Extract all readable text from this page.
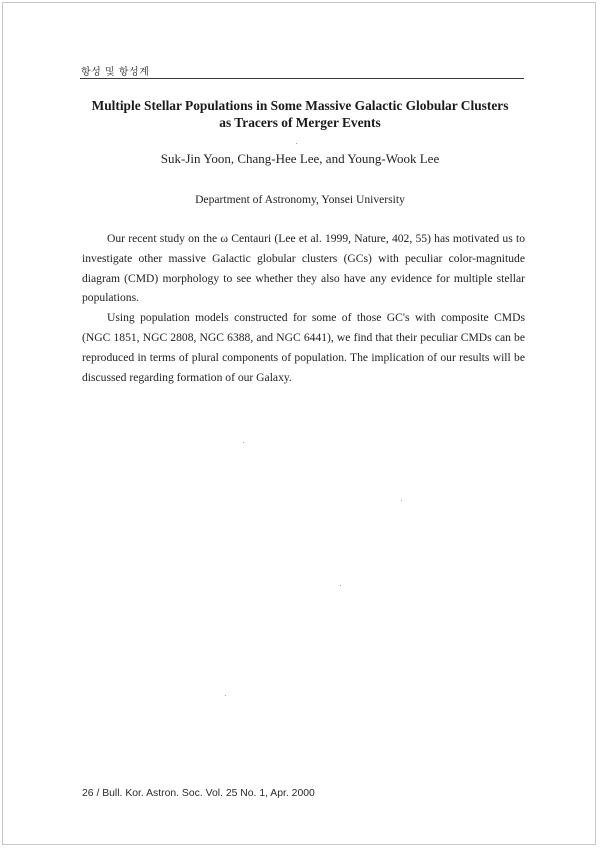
항성 및 항성계
Multiple Stellar Populations in Some Massive Galactic Globular Clusters
as Tracers of Merger Events
Suk-Jin Yoon, Chang-Hee Lee, and Young-Wook Lee
Department of Astronomy, Yonsei University

Our recent study on the ω Centauri (Lee et al. 1999, Nature, 402, 55) has motivated us to investigate other massive Galactic globular clusters (GCs) with peculiar color-magnitude diagram (CMD) morphology to see whether they also have any evidence for multiple stellar populations.

Using population models constructed for some of those GC's with composite CMDs (NGC 1851, NGC 2808, NGC 6388, and NGC 6441), we find that their peculiar CMDs can be reproduced in terms of plural components of population. The implication of our results will be discussed regarding formation of our Galaxy.

26 / Bull. Kor. Astron. Soc. Vol. 25 No. 1, Apr. 2000
